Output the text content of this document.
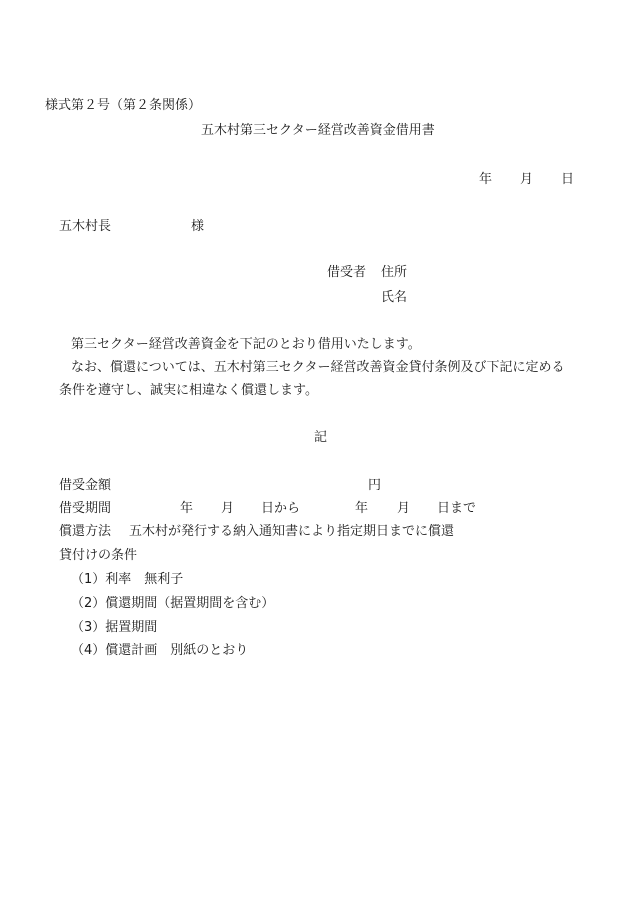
様式第２号（第２条関係）
五木村第三セクター経営改善資金借用書
年 月 日
五木村長	様
借受者 住所
氏名
第三セクター経営改善資金を下記のとおり借用いたします。
なお、償還については、五木村第三セクター経営改善資金貸付条例及び下記に定める
条件を遵守し、誠実に相違なく償還します。
記
借受金額	円
借受期間	年 月 日から	年 月 日まで
償還方法 五木村が発行する納入通知書により指定期日までに償還
貸付けの条件
（1）利率　無利子
（2）償還期間（据置期間を含む）
（3）据置期間
（4）償還計画　別紙のとおり
